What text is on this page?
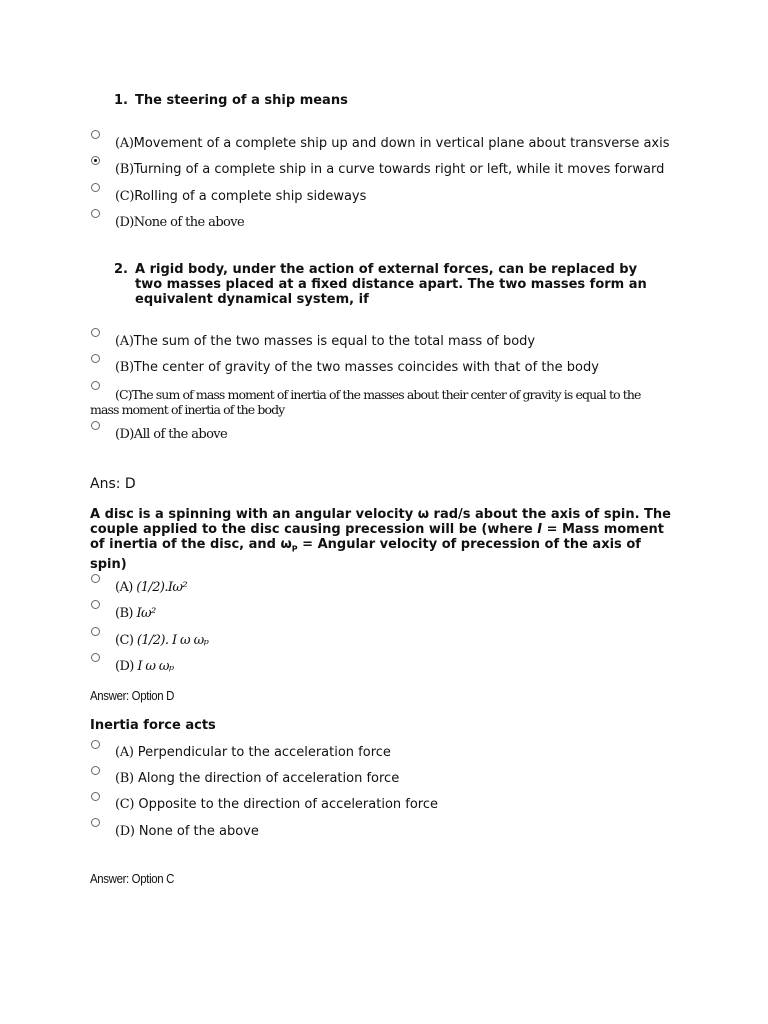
1. The steering of a ship means
(A)Movement of a complete ship up and down in vertical plane about transverse axis
(B)Turning of a complete ship in a curve towards right or left, while it moves forward
(C)Rolling of a complete ship sideways
(D)None of the above
2. A rigid body, under the action of external forces, can be replaced by two masses placed at a fixed distance apart. The two masses form an equivalent dynamical system, if
(A)The sum of the two masses is equal to the total mass of body
(B)The center of gravity of the two masses coincides with that of the body
(C)The sum of mass moment of inertia of the masses about their center of gravity is equal to the mass moment of inertia of the body
(D)All of the above
Ans: D
A disc is a spinning with an angular velocity ω rad/s about the axis of spin. The couple applied to the disc causing precession will be (where I = Mass moment of inertia of the disc, and $\omega_P$ = Angular velocity of precession of the axis of spin)
(A) (1/2).Iω²
(B) Iω²
(C) (1/2). I ω ωₚ
(D) I ω ωₚ
Answer: Option D
Inertia force acts
(A) Perpendicular to the acceleration force
(B) Along the direction of acceleration force
(C) Opposite to the direction of acceleration force
(D) None of the above
Answer: Option C
